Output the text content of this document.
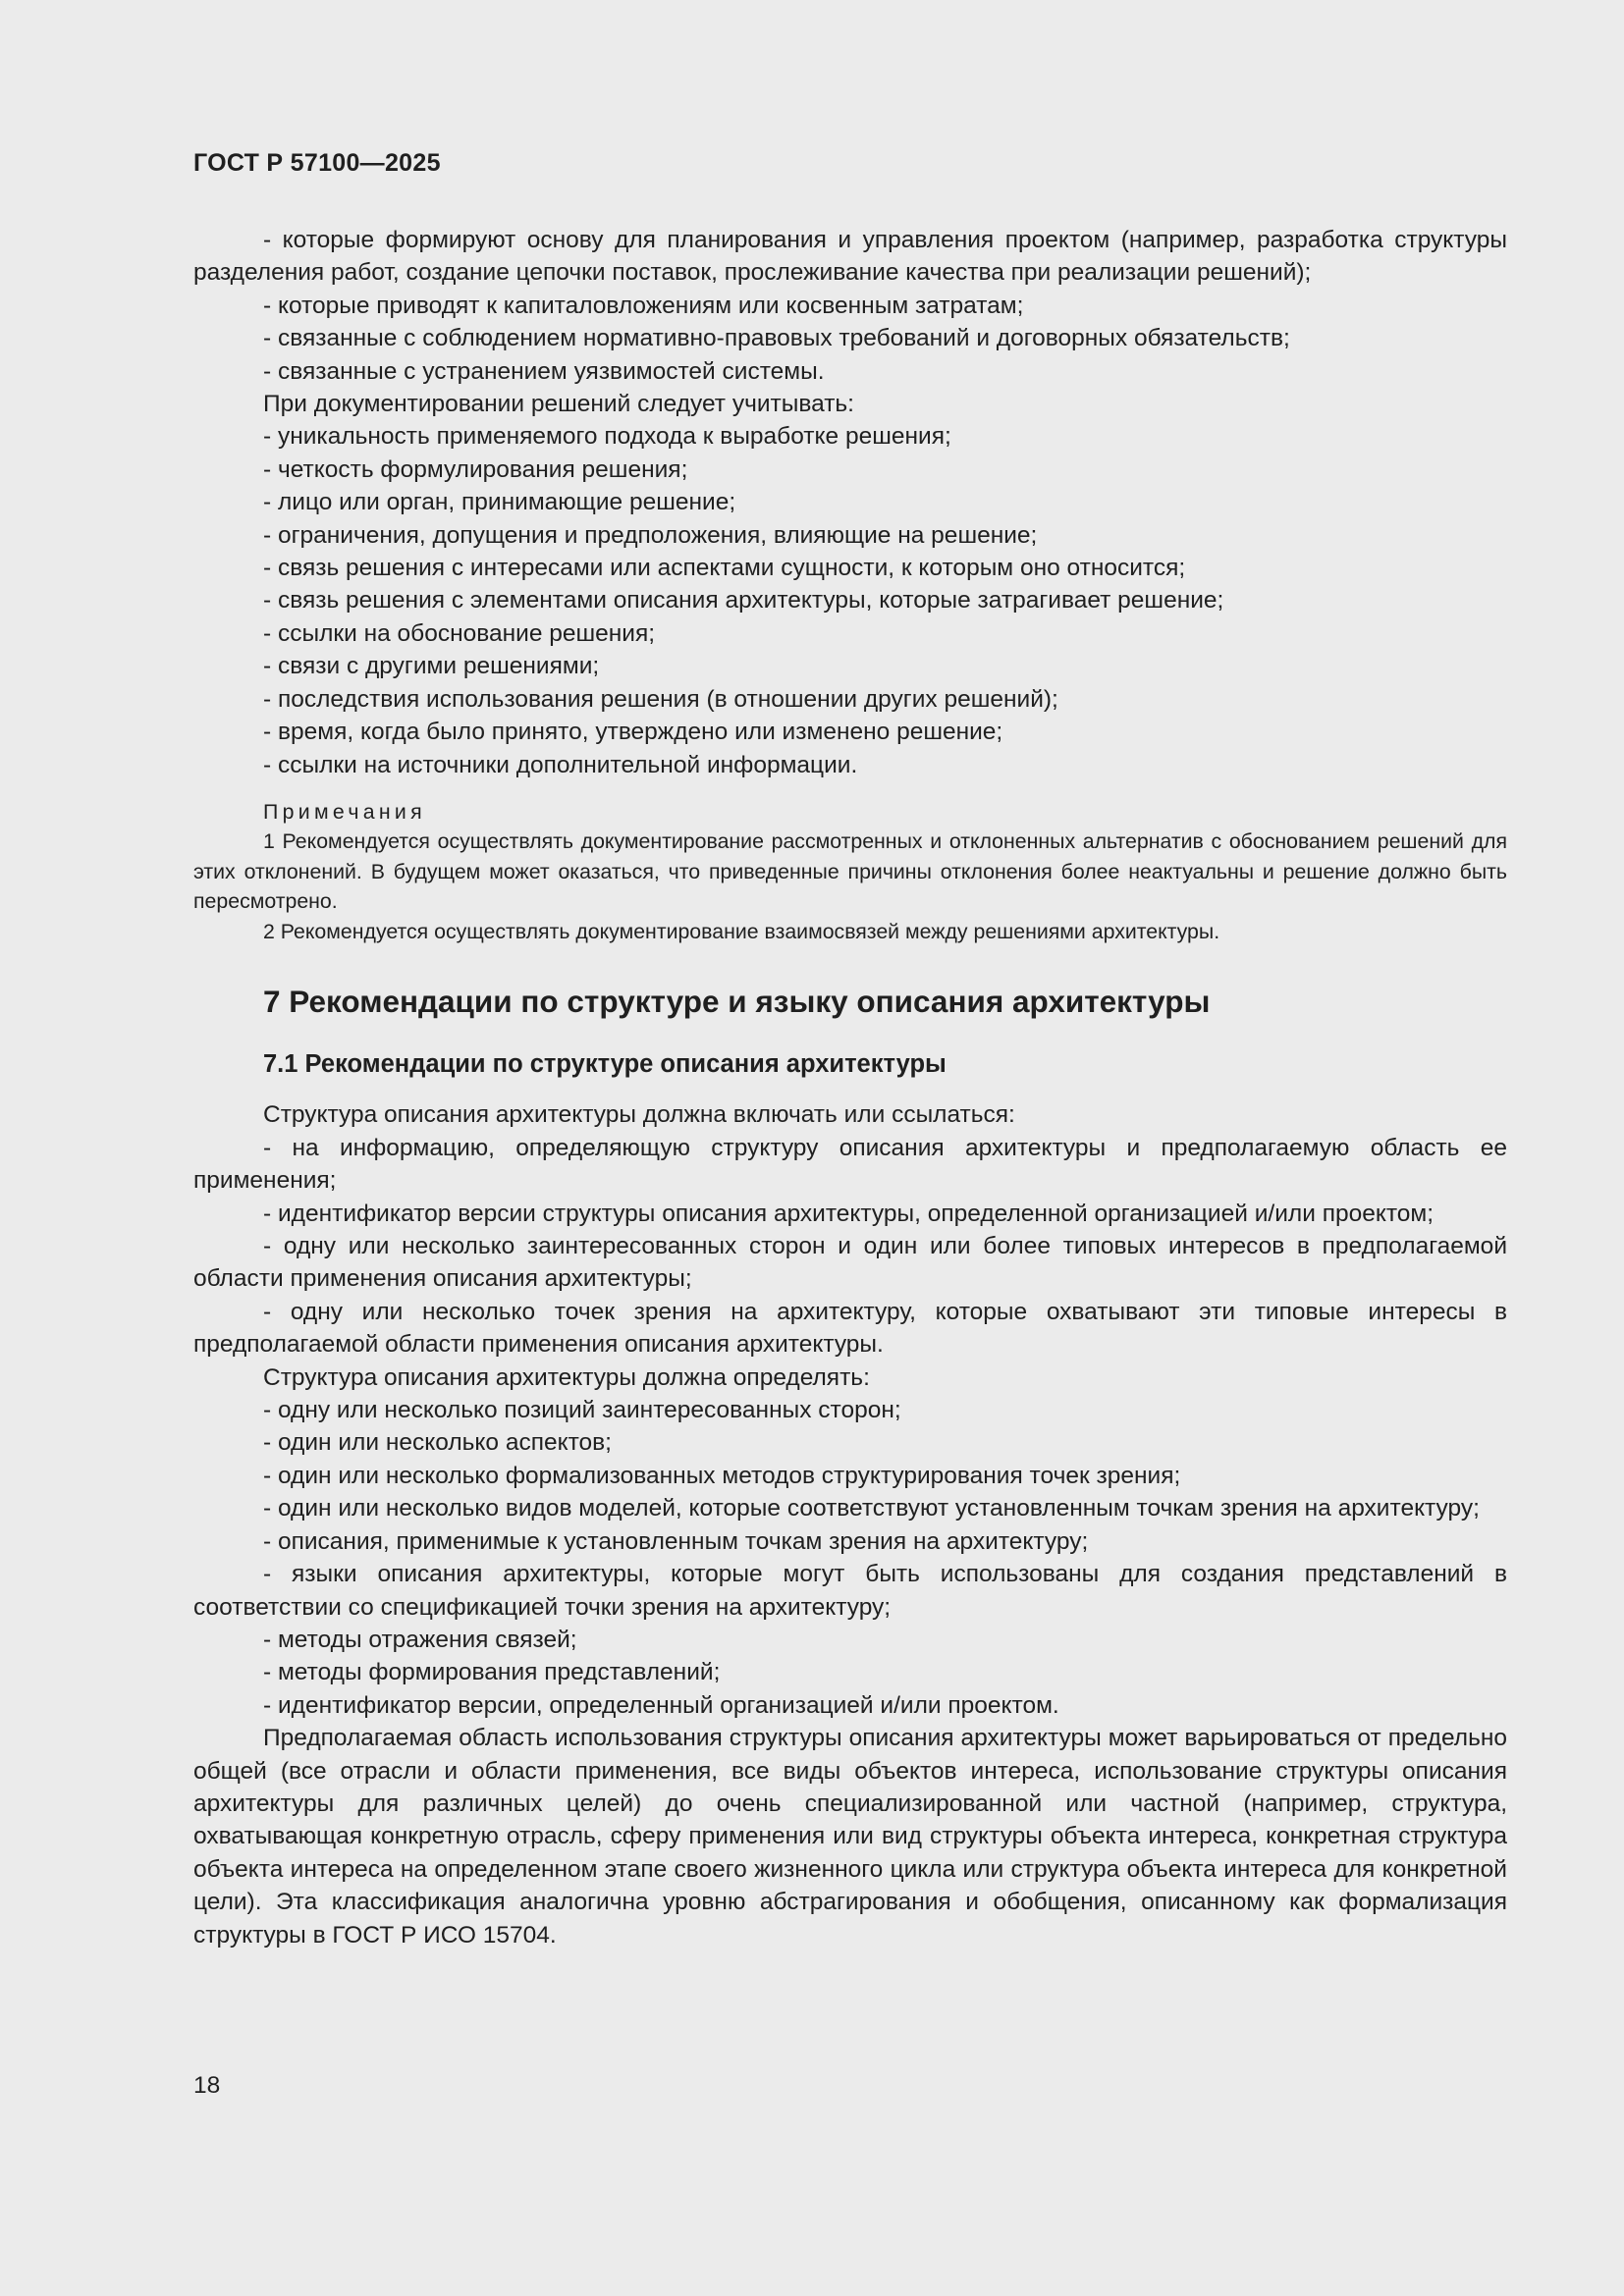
ГОСТ Р 57100—2025

- которые формируют основу для планирования и управления проектом (например, разработка структуры разделения работ, создание цепочки поставок, прослеживание качества при реализации решений);

- которые приводят к капиталовложениям или косвенным затратам;

- связанные с соблюдением нормативно-правовых требований и договорных обязательств;

- связанные с устранением уязвимостей системы.

При документировании решений следует учитывать:

- уникальность применяемого подхода к выработке решения;

- четкость формулирования решения;

- лицо или орган, принимающие решение;

- ограничения, допущения и предположения, влияющие на решение;

- связь решения с интересами или аспектами сущности, к которым оно относится;

- связь решения с элементами описания архитектуры, которые затрагивает решение;

- ссылки на обоснование решения;

- связи с другими решениями;

- последствия использования решения (в отношении других решений);

- время, когда было принято, утверждено или изменено решение;

- ссылки на источники дополнительной информации.

Примечания

1 Рекомендуется осуществлять документирование рассмотренных и отклоненных альтернатив с обоснованием решений для этих отклонений. В будущем может оказаться, что приведенные причины отклонения более неактуальны и решение должно быть пересмотрено.

2 Рекомендуется осуществлять документирование взаимосвязей между решениями архитектуры.

7 Рекомендации по структуре и языку описания архитектуры
7.1 Рекомендации по структуре описания архитектуры

Структура описания архитектуры должна включать или ссылаться:

- на информацию, определяющую структуру описания архитектуры и предполагаемую область ее применения;

- идентификатор версии структуры описания архитектуры, определенной организацией и/или проектом;

- одну или несколько заинтересованных сторон и один или более типовых интересов в предполагаемой области применения описания архитектуры;

- одну или несколько точек зрения на архитектуру, которые охватывают эти типовые интересы в предполагаемой области применения описания архитектуры.

Структура описания архитектуры должна определять:

- одну или несколько позиций заинтересованных сторон;

- один или несколько аспектов;

- один или несколько формализованных методов структурирования точек зрения;

- один или несколько видов моделей, которые соответствуют установленным точкам зрения на архитектуру;

- описания, применимые к установленным точкам зрения на архитектуру;

- языки описания архитектуры, которые могут быть использованы для создания представлений в соответствии со спецификацией точки зрения на архитектуру;

- методы отражения связей;

- методы формирования представлений;

- идентификатор версии, определенный организацией и/или проектом.

Предполагаемая область использования структуры описания архитектуры может варьироваться от предельно общей (все отрасли и области применения, все виды объектов интереса, использование структуры описания архитектуры для различных целей) до очень специализированной или частной (например, структура, охватывающая конкретную отрасль, сферу применения или вид структуры объекта интереса, конкретная структура объекта интереса на определенном этапе своего жизненного цикла или структура объекта интереса для конкретной цели). Эта классификация аналогична уровню абстрагирования и обобщения, описанному как формализация структуры в ГОСТ Р ИСО 15704.

18
